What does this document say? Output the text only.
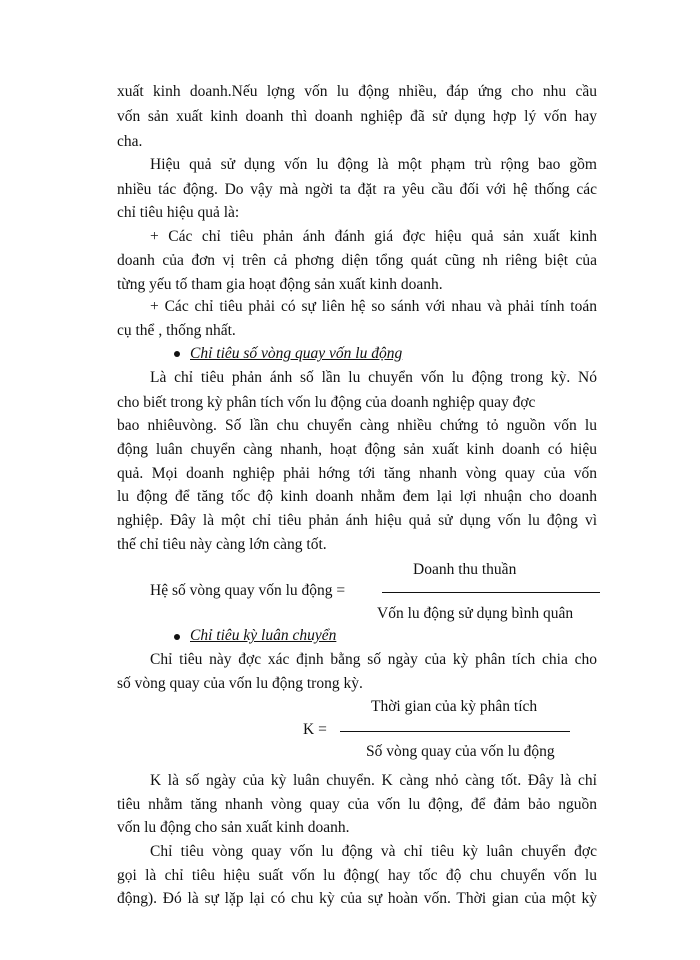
xuất kinh doanh.Nếu lợng vốn lu động nhiều, đáp ứng cho nhu cầu
vốn sản xuất kinh doanh thì doanh nghiệp đã sử dụng hợp lý vốn hay
cha.
Hiệu quả sử dụng vốn lu động là một phạm trù rộng bao gồm
nhiều tác động. Do vậy mà ngời ta đặt ra yêu cầu đối với hệ thống các
chỉ tiêu hiệu quả là:
+ Các chỉ tiêu phản ánh đánh giá đợc hiệu quả sản xuất kinh
doanh của đơn vị trên cả phơng diện tổng quát cũng nh riêng biệt của
từng yếu tố tham gia hoạt động sản xuất kinh doanh.
+ Các chỉ tiêu phải có sự liên hệ so sánh với nhau và phải tính toán
cụ thể , thống nhất.
Chỉ tiêu số vòng quay vốn lu động
Là chỉ tiêu phản ánh số lần lu chuyển vốn lu động trong kỳ. Nó
cho biết trong kỳ phân tích vốn lu động của doanh nghiệp quay đợc
bao nhiêuvòng. Số lần chu chuyển càng nhiều chứng tỏ nguồn vốn lu
động luân chuyển càng nhanh, hoạt động sản xuất kinh doanh có hiệu
quả. Mọi doanh nghiệp phải hớng tới tăng nhanh vòng quay của vốn
lu động để tăng tốc độ kinh doanh nhằm đem lại lợi nhuận cho doanh
nghiệp. Đây là một chỉ tiêu phản ánh hiệu quả sử dụng vốn lu động vì
thế chỉ tiêu này càng lớn càng tốt.
Doanh thu thuần
Hệ số vòng quay vốn lu động =
Vốn lu động sử dụng bình quân
Chỉ tiêu kỳ luân chuyển
Chỉ tiêu này đợc xác định bằng số ngày của kỳ phân tích chia cho
số vòng quay của vốn lu động trong kỳ.
Thời gian của kỳ phân tích
K =
Số vòng quay của vốn lu động
K là số ngày của kỳ luân chuyển. K càng nhỏ càng tốt. Đây là chỉ
tiêu nhằm tăng nhanh vòng quay của vốn lu động, để đảm bảo nguồn
vốn lu động cho sản xuất kinh doanh.
Chỉ tiêu vòng quay vốn lu động và chỉ tiêu kỳ luân chuyển đợc
gọi là chỉ tiêu hiệu suất vốn lu động( hay tốc độ chu chuyển vốn lu
động). Đó là sự lặp lại có chu kỳ của sự hoàn vốn. Thời gian của một kỳ
